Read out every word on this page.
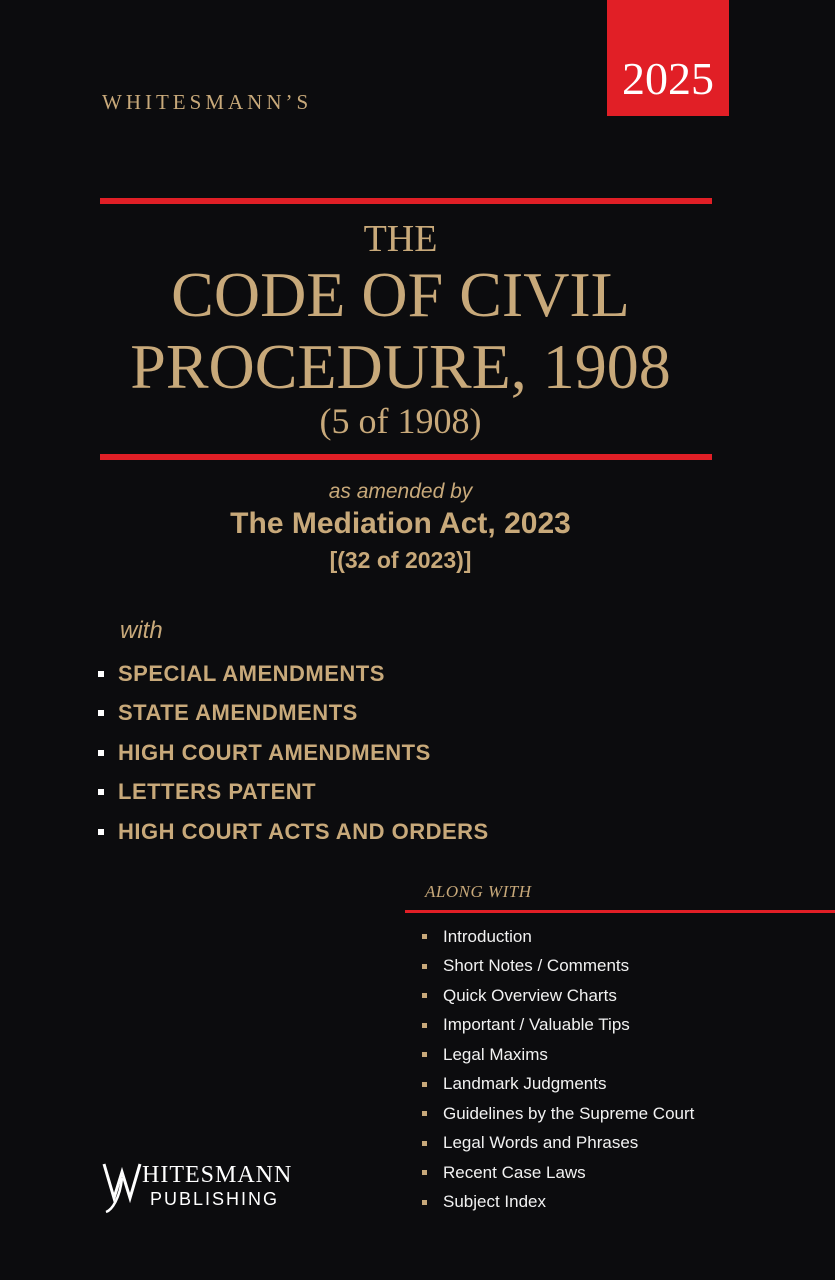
2025
WHITESMANN’S
THE
CODE OF CIVIL
PROCEDURE, 1908
(5 of 1908)
as amended by
The Mediation Act, 2023
[(32 of 2023)]
with
SPECIAL AMENDMENTS
STATE AMENDMENTS
HIGH COURT AMENDMENTS
LETTERS PATENT
HIGH COURT ACTS AND ORDERS
ALONG WITH
Introduction
Short Notes / Comments
Quick Overview Charts
Important / Valuable Tips
Legal Maxims
Landmark Judgments
Guidelines by the Supreme Court
Legal Words and Phrases
Recent Case Laws
Subject Index
HITESMANN
PUBLISHING
